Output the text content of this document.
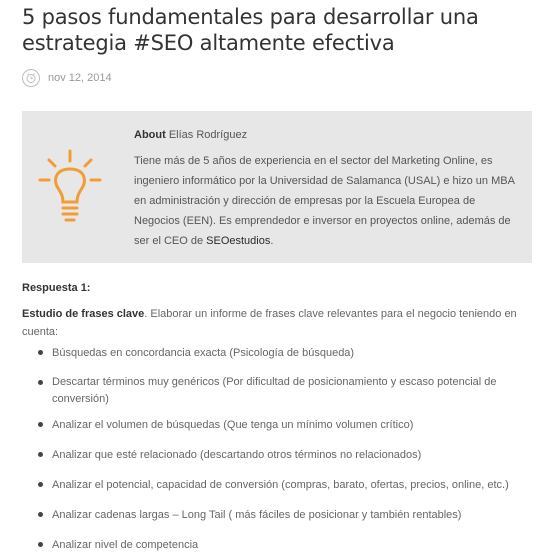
5 pasos fundamentales para desarrollar una estrategia #SEO altamente efectiva
nov 12, 2014
About Elías Rodríguez
Tiene más de 5 años de experiencia en el sector del Marketing Online, es ingeniero informático por la Universidad de Salamanca (USAL) e hizo un MBA en administración y dirección de empresas por la Escuela Europea de Negocios (EEN). Es emprendedor e inversor en proyectos online, además de ser el CEO de SEOestudios.
Respuesta 1:

Estudio de frases clave. Elaborar un informe de frases clave relevantes para el negocio teniendo en cuenta:

Búsquedas en concordancia exacta (Psicología de búsqueda)
Descartar términos muy genéricos (Por dificultad de posicionamiento y escaso potencial de conversión)
Analizar el volumen de búsquedas (Que tenga un mínimo volumen crítico)
Analizar que esté relacionado (descartando otros términos no relacionados)
Analizar el potencial, capacidad de conversión (compras, barato, ofertas, precios, online, etc.)
Analizar cadenas largas – Long Tail ( más fáciles de posicionar y también rentables)
Analizar nivel de competencia
